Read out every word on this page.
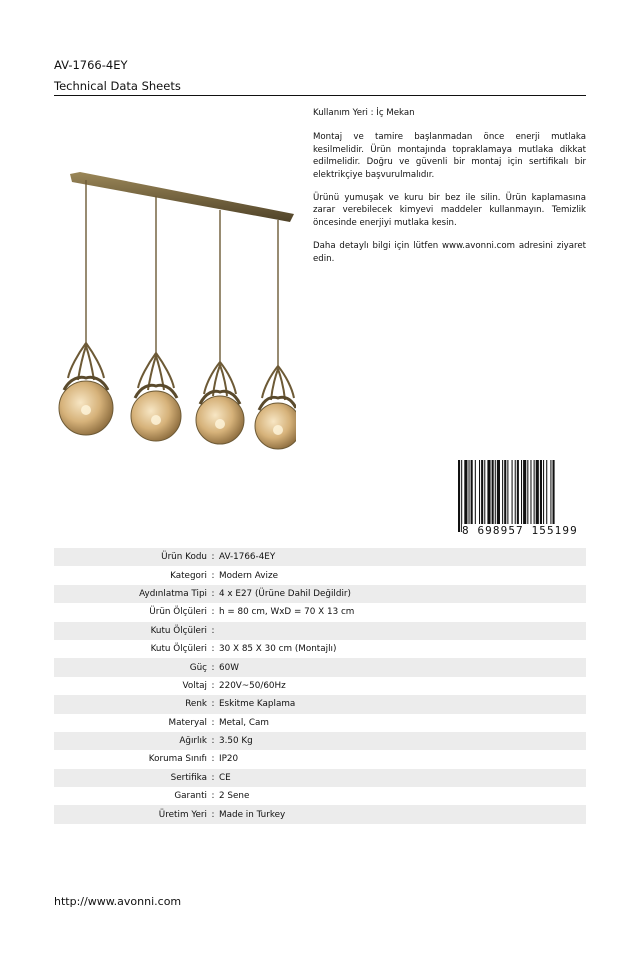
AV-1766-4EY
Technical Data Sheets

Kullanım Yeri : İç Mekan

Montaj ve tamire başlanmadan önce enerji mutlaka kesilmelidir. Ürün montajında topraklamaya mutlaka dikkat edilmelidir. Doğru ve güvenli bir montaj için sertifikalı bir elektrikçiye başvurulmalıdır.

Ürünü yumuşak ve kuru bir bez ile silin. Ürün kaplamasına zarar verebilecek kimyevi maddeler kullanmayın. Temizlik öncesinde enerjiyi mutlaka kesin.

Daha detaylı bilgi için lütfen www.avonni.com adresini ziyaret edin.

8 698957 155199
Ürün Kodu : AV-1766-4EY
Kategori : Modern Avize
Aydınlatma Tipi : 4 x E27 (Ürüne Dahil Değildir)
Ürün Ölçüleri : h = 80 cm, WxD = 70 X 13 cm
Kutu Ölçüleri :
Kutu Ölçüleri : 30 X 85 X 30 cm (Montajlı)
Güç : 60W
Voltaj : 220V~50/60Hz
Renk : Eskitme Kaplama
Materyal : Metal, Cam
Ağırlık : 3.50 Kg
Koruma Sınıfı : IP20
Sertifika : CE
Garanti : 2 Sene
Üretim Yeri : Made in Turkey
http://www.avonni.com
